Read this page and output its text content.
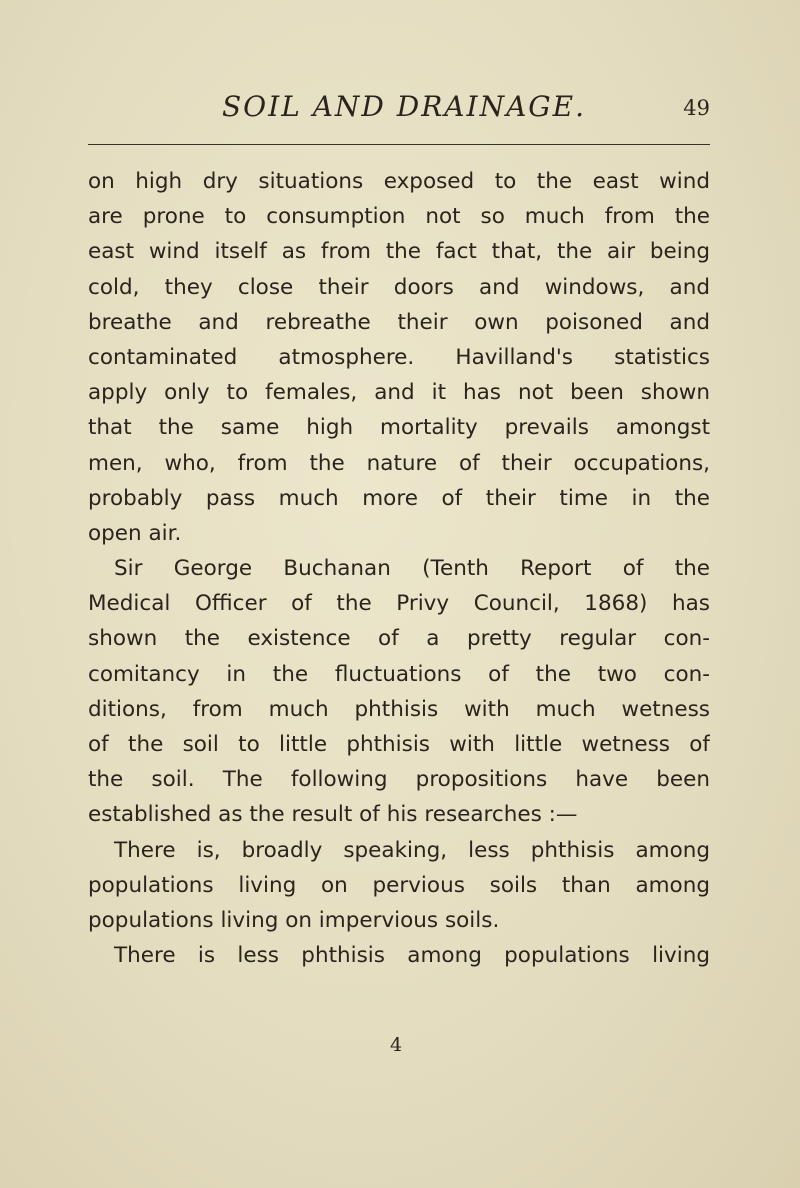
SOIL AND DRAINAGE.	49
on high dry situations exposed to the east wind
are prone to consumption not so much from the
east wind itself as from the fact that, the air being
cold, they close their doors and windows, and
breathe and rebreathe their own poisoned and
contaminated atmosphere. Havilland's statistics
apply only to females, and it has not been shown
that the same high mortality prevails amongst
men, who, from the nature of their occupations,
probably pass much more of their time in the
open air.
Sir George Buchanan (Tenth Report of the
Medical Officer of the Privy Council, 1868) has
shown the existence of a pretty regular con-
comitancy in the fluctuations of the two con-
ditions, from much phthisis with much wetness
of the soil to little phthisis with little wetness of
the soil. The following propositions have been
established as the result of his researches :—
There is, broadly speaking, less phthisis among
populations living on pervious soils than among
populations living on impervious soils.
There is less phthisis among populations living
4
